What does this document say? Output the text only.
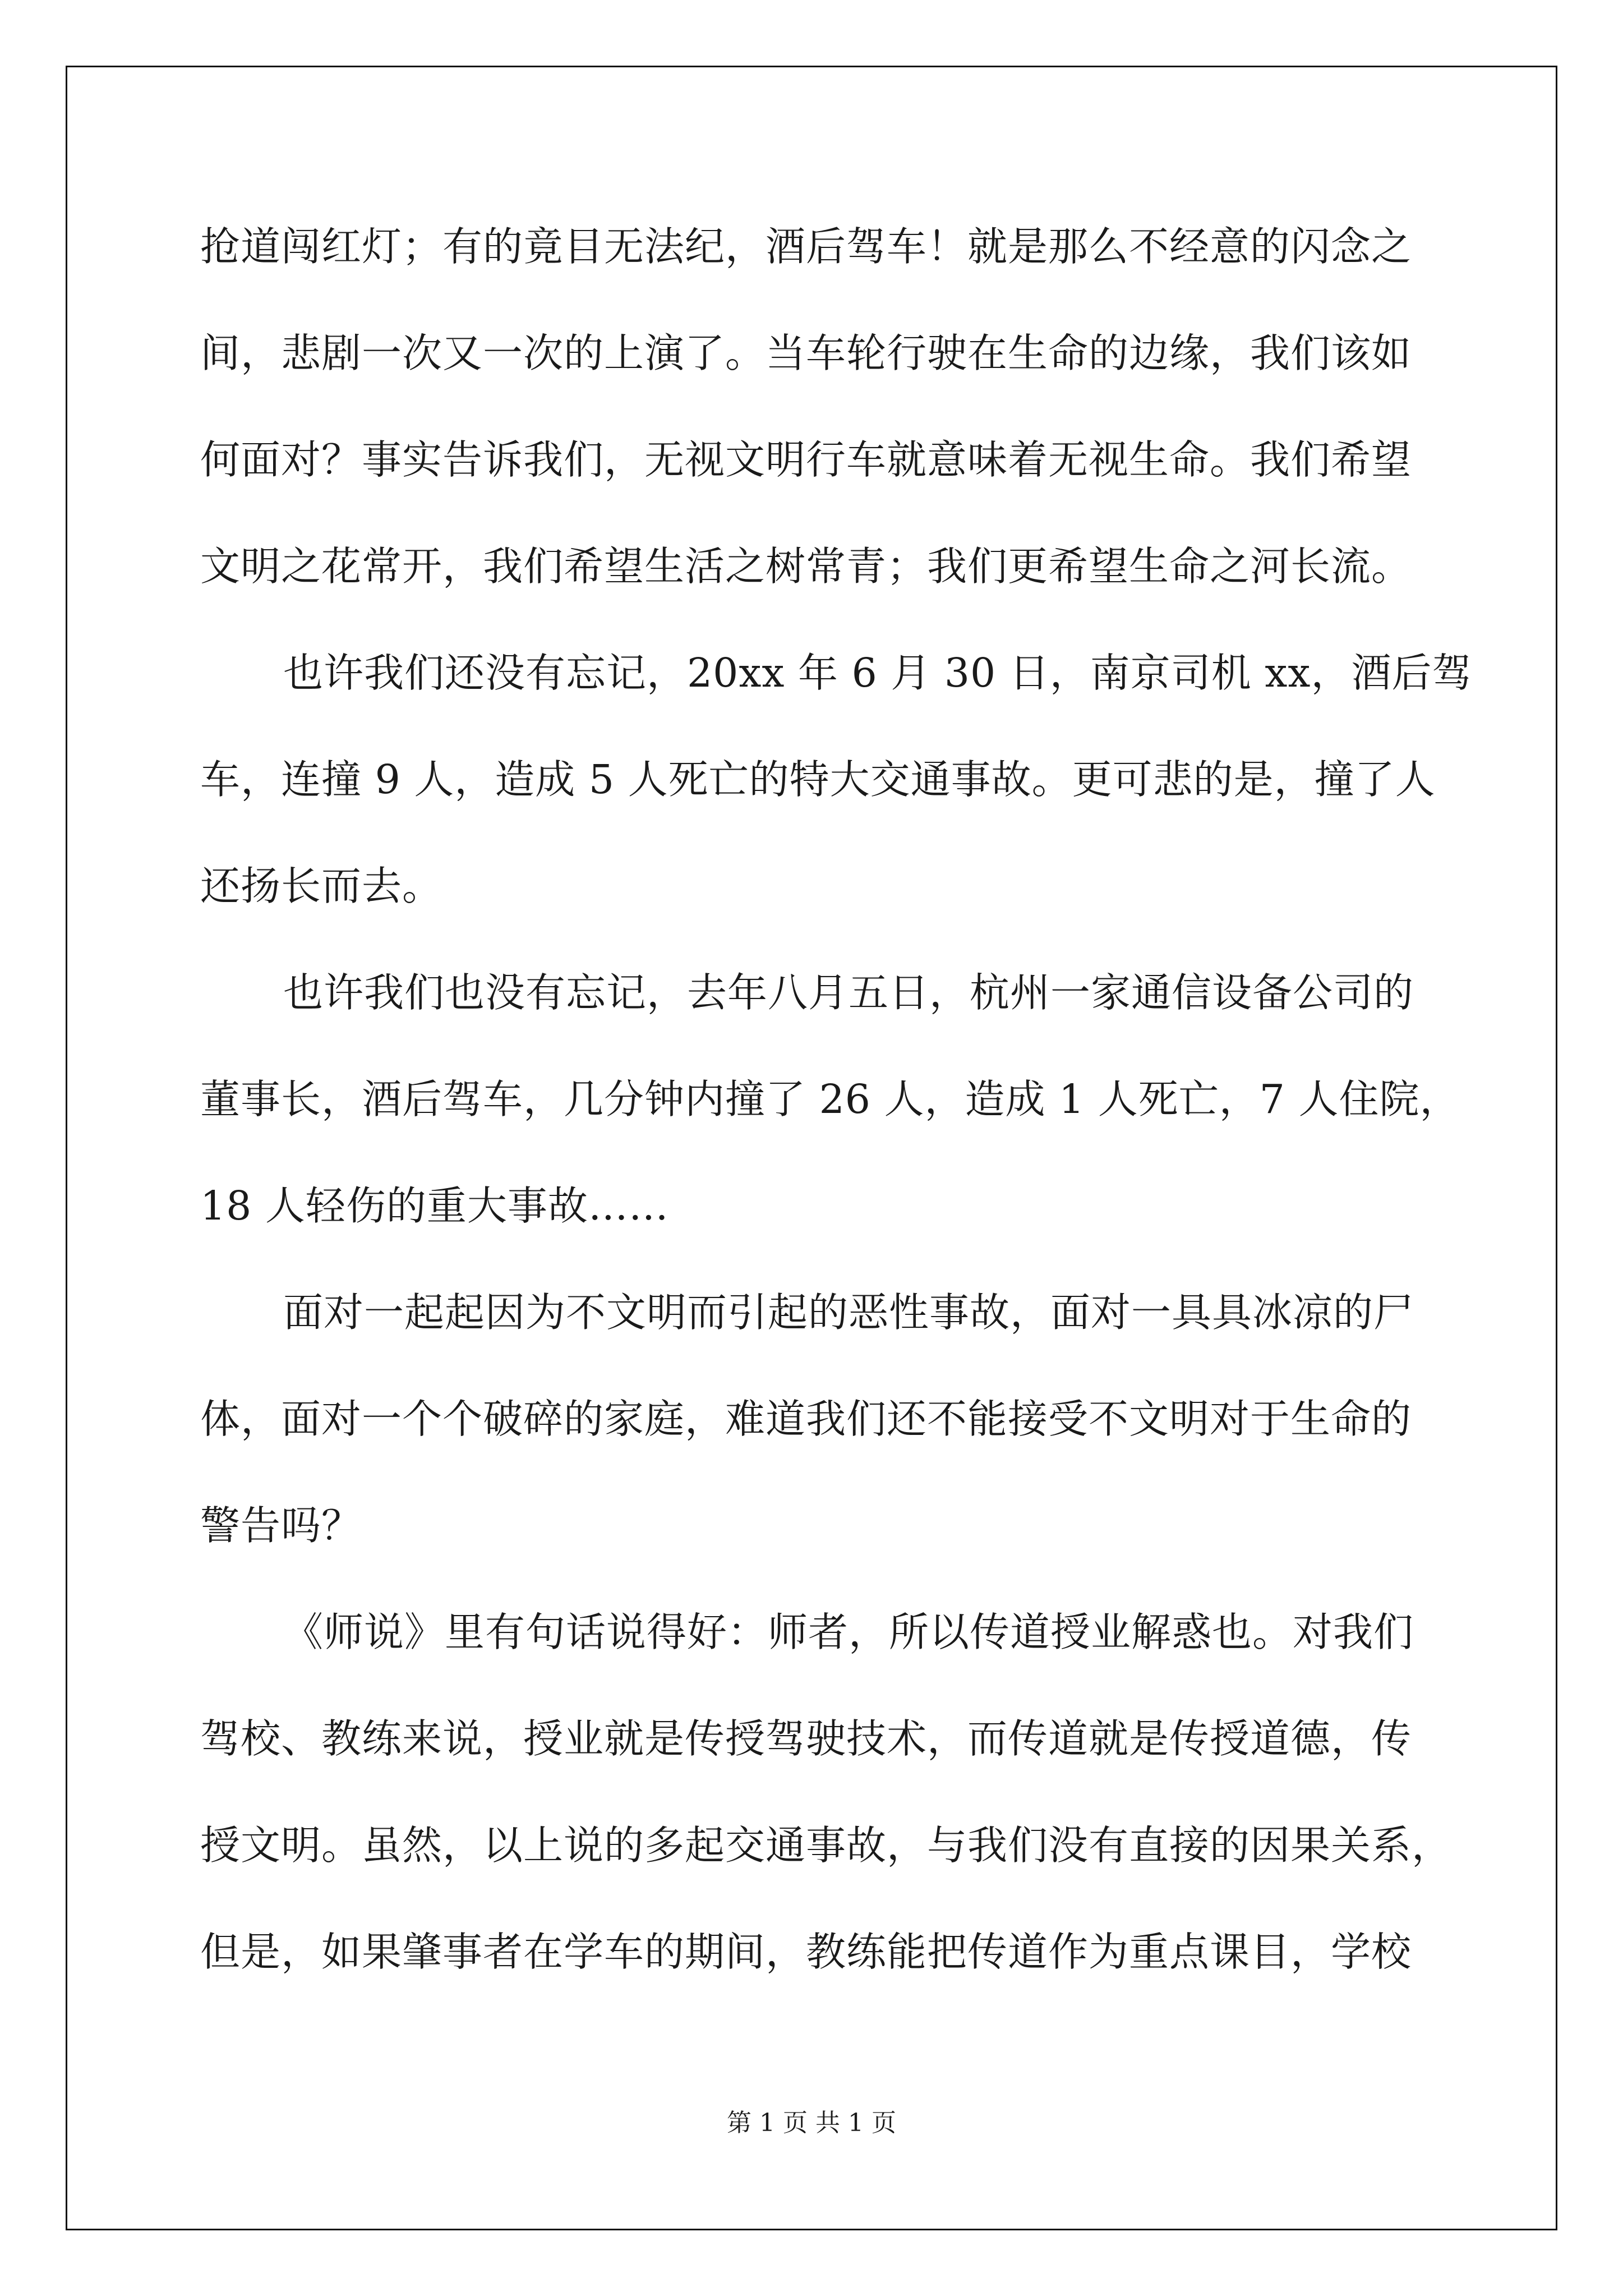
抢道闯红灯；有的竟目无法纪，酒后驾车！就是那么不经意的闪念之
间，悲剧一次又一次的上演了。当车轮行驶在生命的边缘，我们该如
何面对？事实告诉我们，无视文明行车就意味着无视生命。我们希望
文明之花常开，我们希望生活之树常青；我们更希望生命之河长流。
也许我们还没有忘记，20xx 年 6 月 30 日，南京司机 xx，酒后驾
车，连撞 9 人，造成 5 人死亡的特大交通事故。更可悲的是，撞了人
还扬长而去。
也许我们也没有忘记，去年八月五日，杭州一家通信设备公司的
董事长，酒后驾车，几分钟内撞了 26 人，造成 1 人死亡，7 人住院，
18 人轻伤的重大事故……
面对一起起因为不文明而引起的恶性事故，面对一具具冰凉的尸
体，面对一个个破碎的家庭，难道我们还不能接受不文明对于生命的
警告吗？
《师说》里有句话说得好：师者，所以传道授业解惑也。对我们
驾校、教练来说，授业就是传授驾驶技术，而传道就是传授道德，传
授文明。虽然，以上说的多起交通事故，与我们没有直接的因果关系，
但是，如果肇事者在学车的期间，教练能把传道作为重点课目，学校
第 1 页 共 1 页
